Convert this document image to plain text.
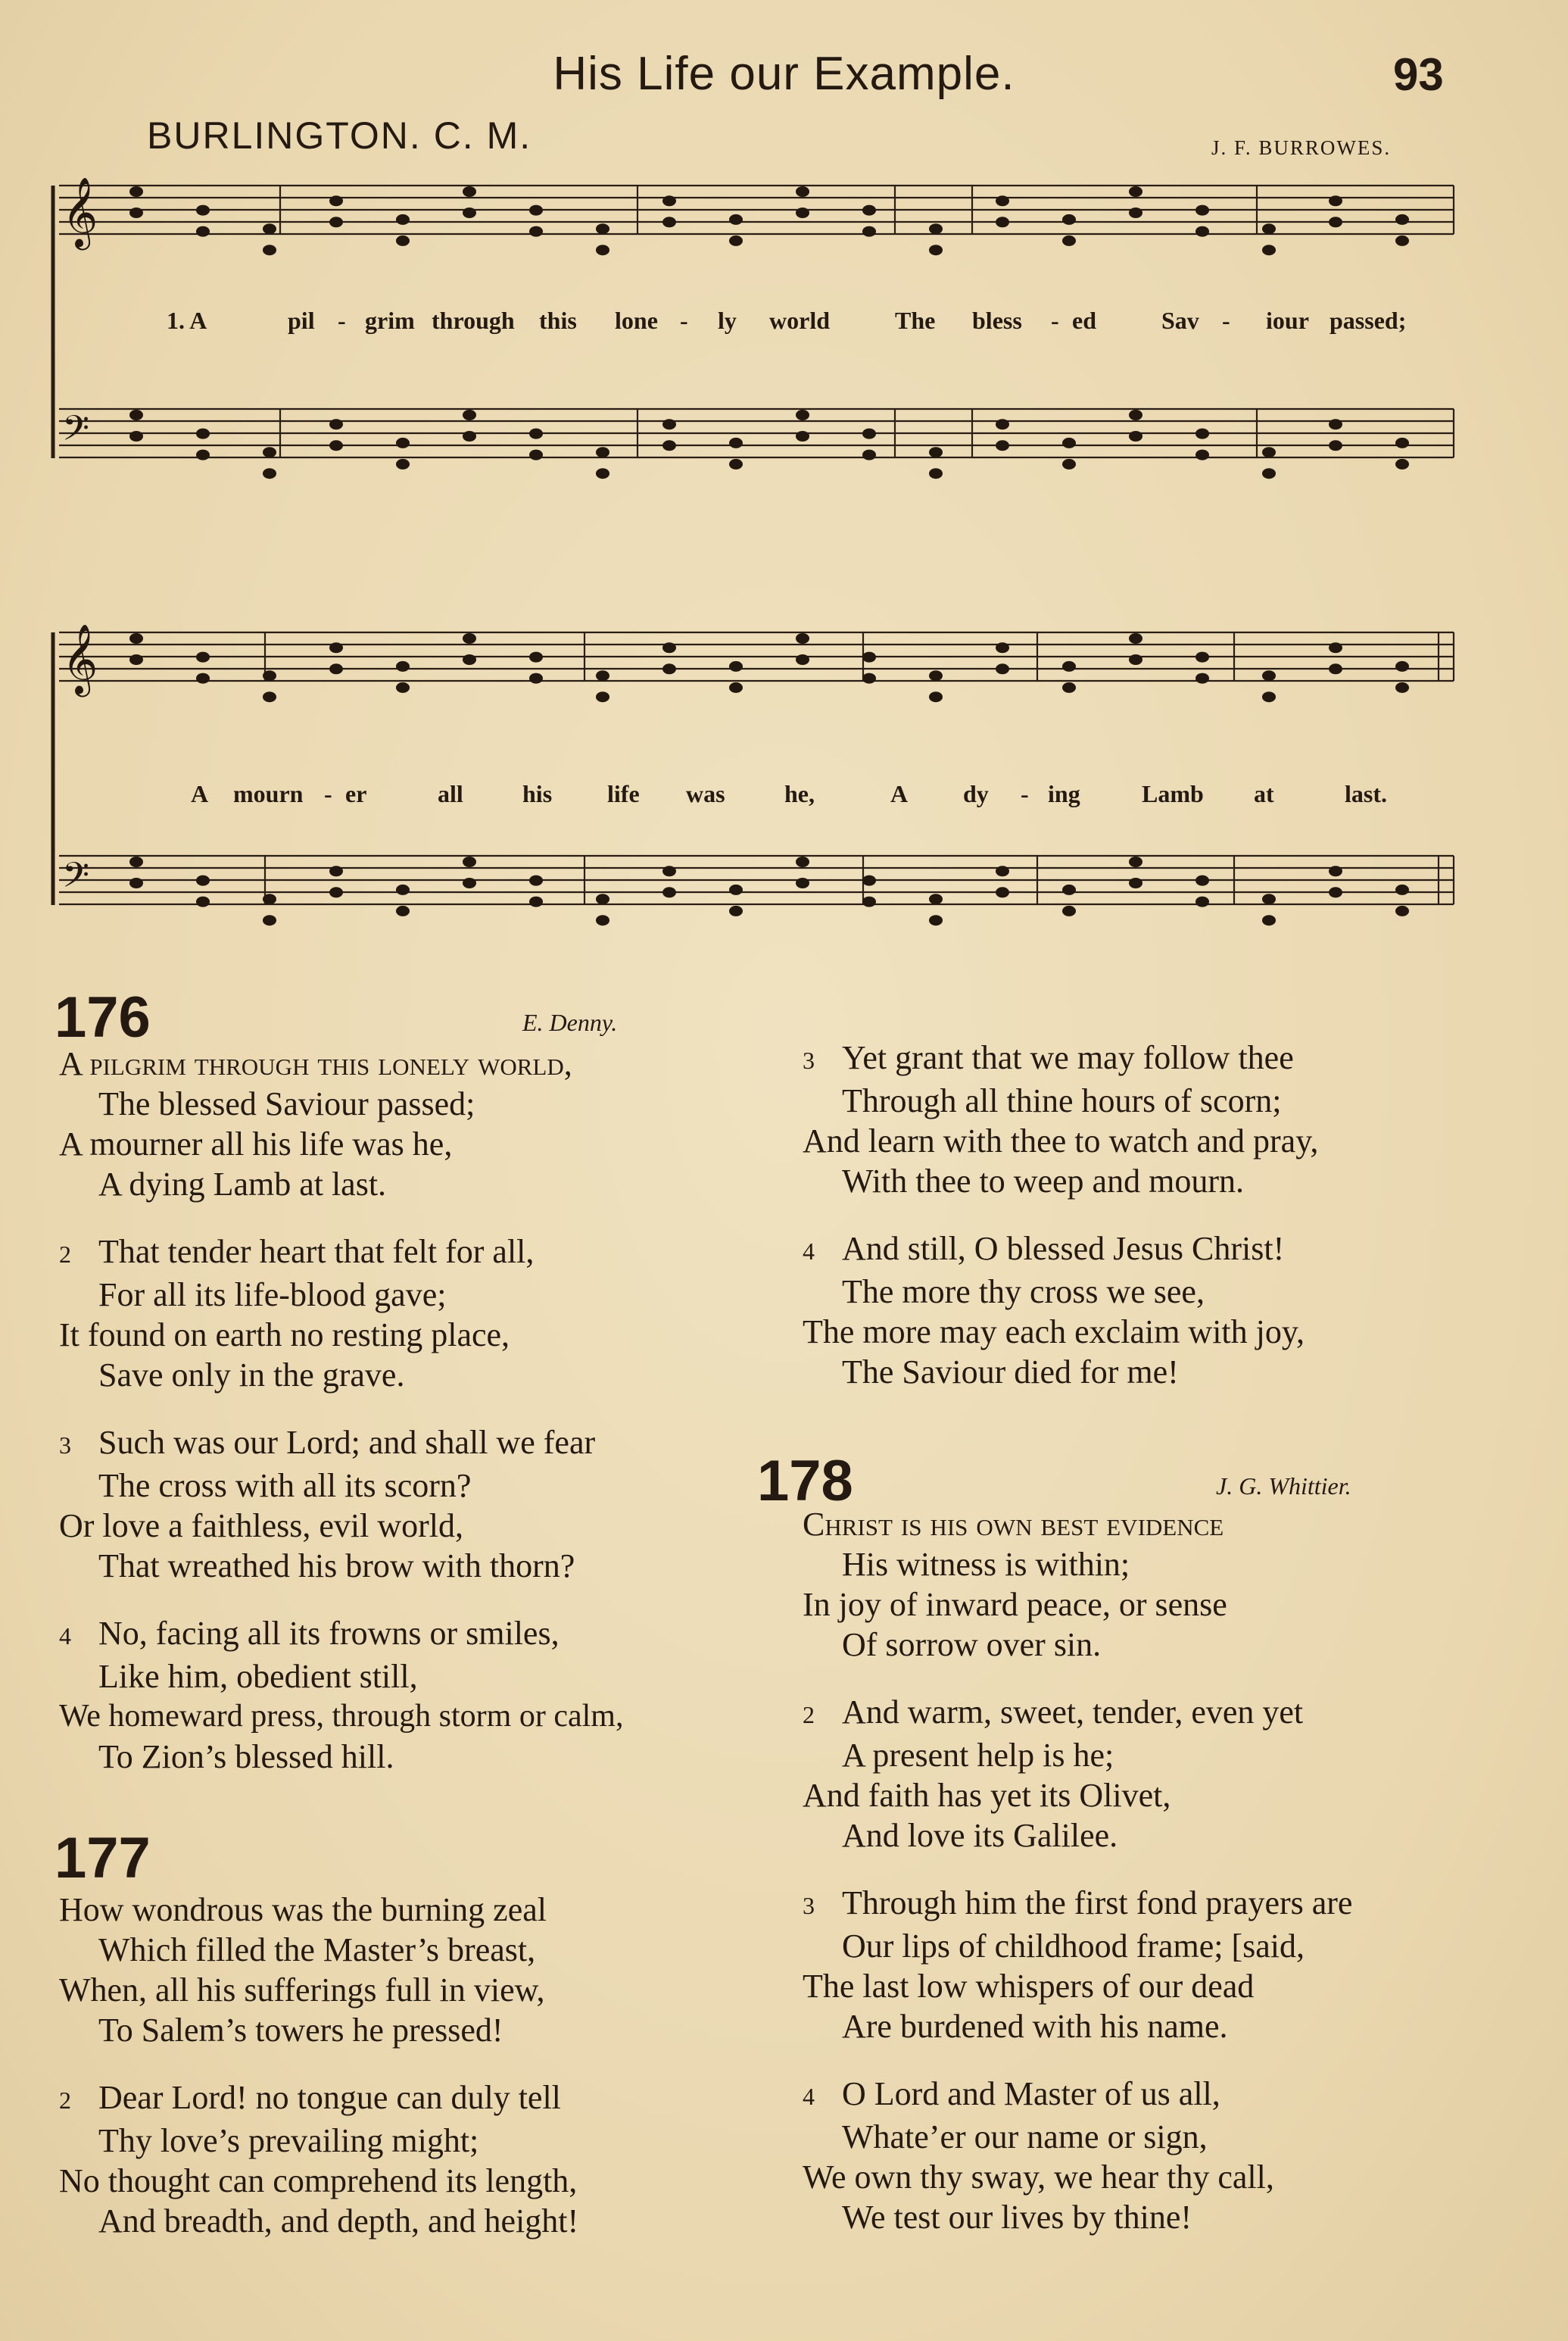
His Life our Example.	93
BURLINGTON. C. M.	J. F. BURROWES.
𝄞
𝄢
𝄞
𝄢
176	E. Denny.
A pilgrim through this lonely world,
The blessed Saviour passed;
A mourner all his life was he,
A dying Lamb at last.
2 That tender heart that felt for all,
For all its life-blood gave;
It found on earth no resting place,
Save only in the grave.
3 Such was our Lord; and shall we fear
The cross with all its scorn?
Or love a faithless, evil world,
That wreathed his brow with thorn?
4 No, facing all its frowns or smiles,
Like him, obedient still,
We homeward press, through storm or calm,
To Zion’s blessed hill.
177
How wondrous was the burning zeal
Which filled the Master’s breast,
When, all his sufferings full in view,
To Salem’s towers he pressed!
2 Dear Lord! no tongue can duly tell
Thy love’s prevailing might;
No thought can comprehend its length,
And breadth, and depth, and height!
3 Yet grant that we may follow thee
Through all thine hours of scorn;
And learn with thee to watch and pray,
With thee to weep and mourn.
4 And still, O blessed Jesus Christ!
The more thy cross we see,
The more may each exclaim with joy,
The Saviour died for me!
178	J. G. Whittier.
Christ is his own best evidence
His witness is within;
In joy of inward peace, or sense
Of sorrow over sin.
2 And warm, sweet, tender, even yet
A present help is he;
And faith has yet its Olivet,
And love its Galilee.
3 Through him the first fond prayers are
Our lips of childhood frame; [said,
The last low whispers of our dead
Are burdened with his name.
4 O Lord and Master of us all,
Whate’er our name or sign,
We own thy sway, we hear thy call,
We test our lives by thine!
1. A	pil - grim through this lone - ly world	The bless - ed	Sav - iour passed;
A mourn - er	all his life was he,	A dy - ing	Lamb at	last.
